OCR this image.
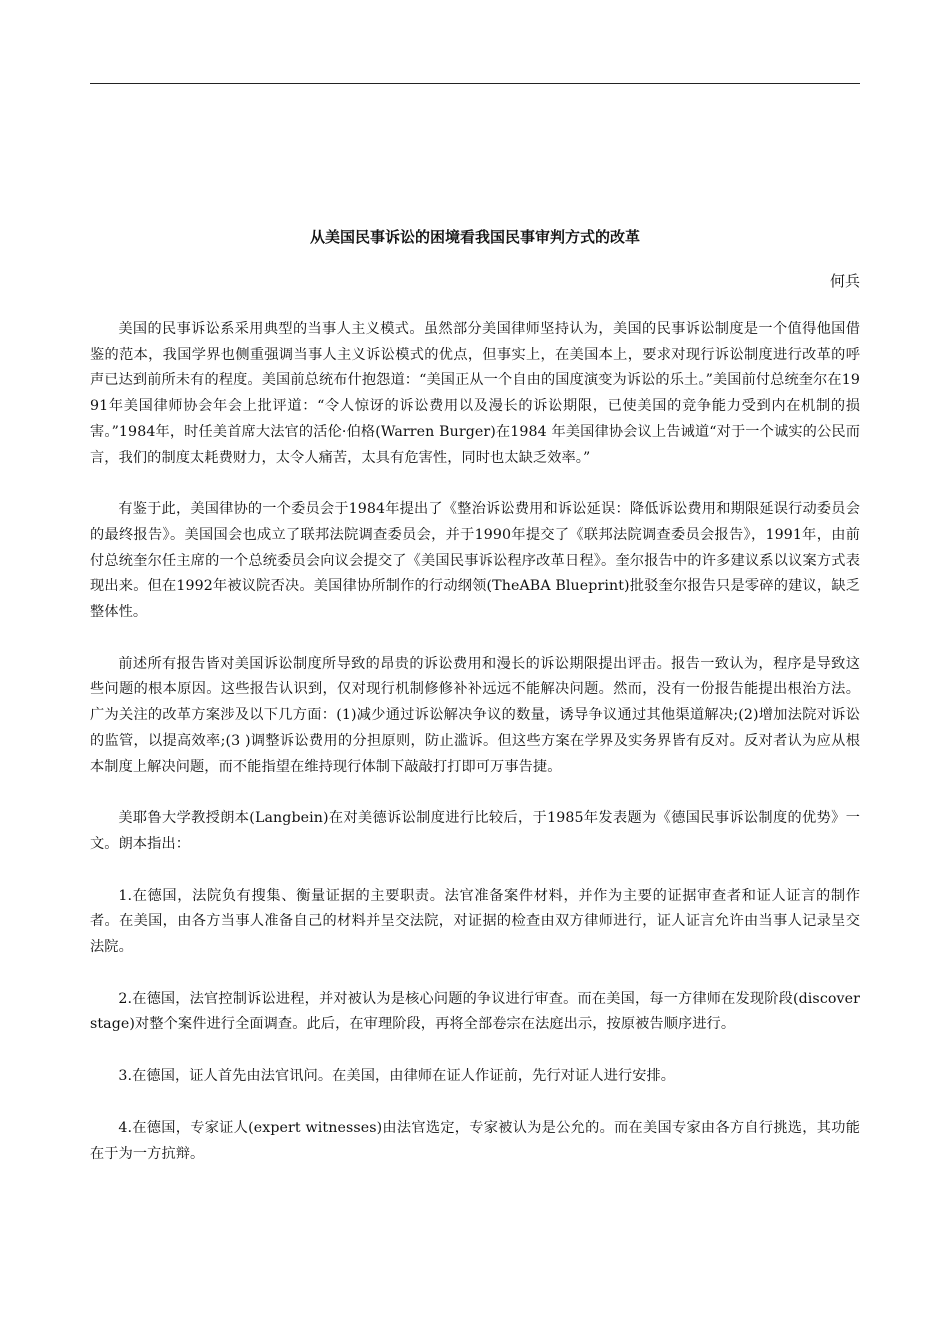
从美国民事诉讼的困境看我国民事审判方式的改革

何兵

美国的民事诉讼系采用典型的当事人主义模式。虽然部分美国律师坚持认为，美国的民事诉讼制度是一个值得他国借鉴的范本，我国学界也侧重强调当事人主义诉讼模式的优点，但事实上，在美国本上，要求对现行诉讼制度进行改革的呼声已达到前所未有的程度。美国前总统布什抱怨道：“美国正从一个自由的国度演变为诉讼的乐土。”美国前付总统奎尔在1991年美国律师协会年会上批评道：“令人惊讶的诉讼费用以及漫长的诉讼期限，已使美国的竞争能力受到内在机制的损害。”1984年，时任美首席大法官的活伦·伯格(Warren Burger)在1984 年美国律协会议上告诫道“对于一个诚实的公民而言，我们的制度太耗费财力，太令人痛苦，太具有危害性，同时也太缺乏效率。”

有鉴于此，美国律协的一个委员会于1984年提出了《整治诉讼费用和诉讼延误：降低诉讼费用和期限延误行动委员会的最终报告》。美国国会也成立了联邦法院调查委员会，并于1990年提交了《联邦法院调查委员会报告》，1991年，由前付总统奎尔任主席的一个总统委员会向议会提交了《美国民事诉讼程序改革日程》。奎尔报告中的许多建议系以议案方式表现出来。但在1992年被议院否决。美国律协所制作的行动纲领(TheABA Blueprint)批驳奎尔报告只是零碎的建议，缺乏整体性。

前述所有报告皆对美国诉讼制度所导致的昂贵的诉讼费用和漫长的诉讼期限提出评击。报告一致认为，程序是导致这些问题的根本原因。这些报告认识到，仅对现行机制修修补补远远不能解决问题。然而，没有一份报告能提出根治方法。广为关注的改革方案涉及以下几方面：(1)减少通过诉讼解决争议的数量，诱导争议通过其他渠道解决;(2)增加法院对诉讼的监管，以提高效率;(3 )调整诉讼费用的分担原则，防止滥诉。但这些方案在学界及实务界皆有反对。反对者认为应从根本制度上解决问题，而不能指望在维持现行体制下敲敲打打即可万事告捷。

美耶鲁大学教授朗本(Langbein)在对美德诉讼制度进行比较后，于1985年发表题为《德国民事诉讼制度的优势》一文。朗本指出：

1.在德国，法院负有搜集、衡量证据的主要职责。法官准备案件材料，并作为主要的证据审查者和证人证言的制作者。在美国，由各方当事人准备自己的材料并呈交法院，对证据的检查由双方律师进行，证人证言允许由当事人记录呈交法院。

2.在德国，法官控制诉讼进程，并对被认为是核心问题的争议进行审查。而在美国，每一方律师在发现阶段(discover stage)对整个案件进行全面调查。此后，在审理阶段，再将全部卷宗在法庭出示，按原被告顺序进行。

3.在德国，证人首先由法官讯问。在美国，由律师在证人作证前，先行对证人进行安排。

4.在德国，专家证人(expert witnesses)由法官选定，专家被认为是公允的。而在美国专家由各方自行挑选，其功能在于为一方抗辩。
